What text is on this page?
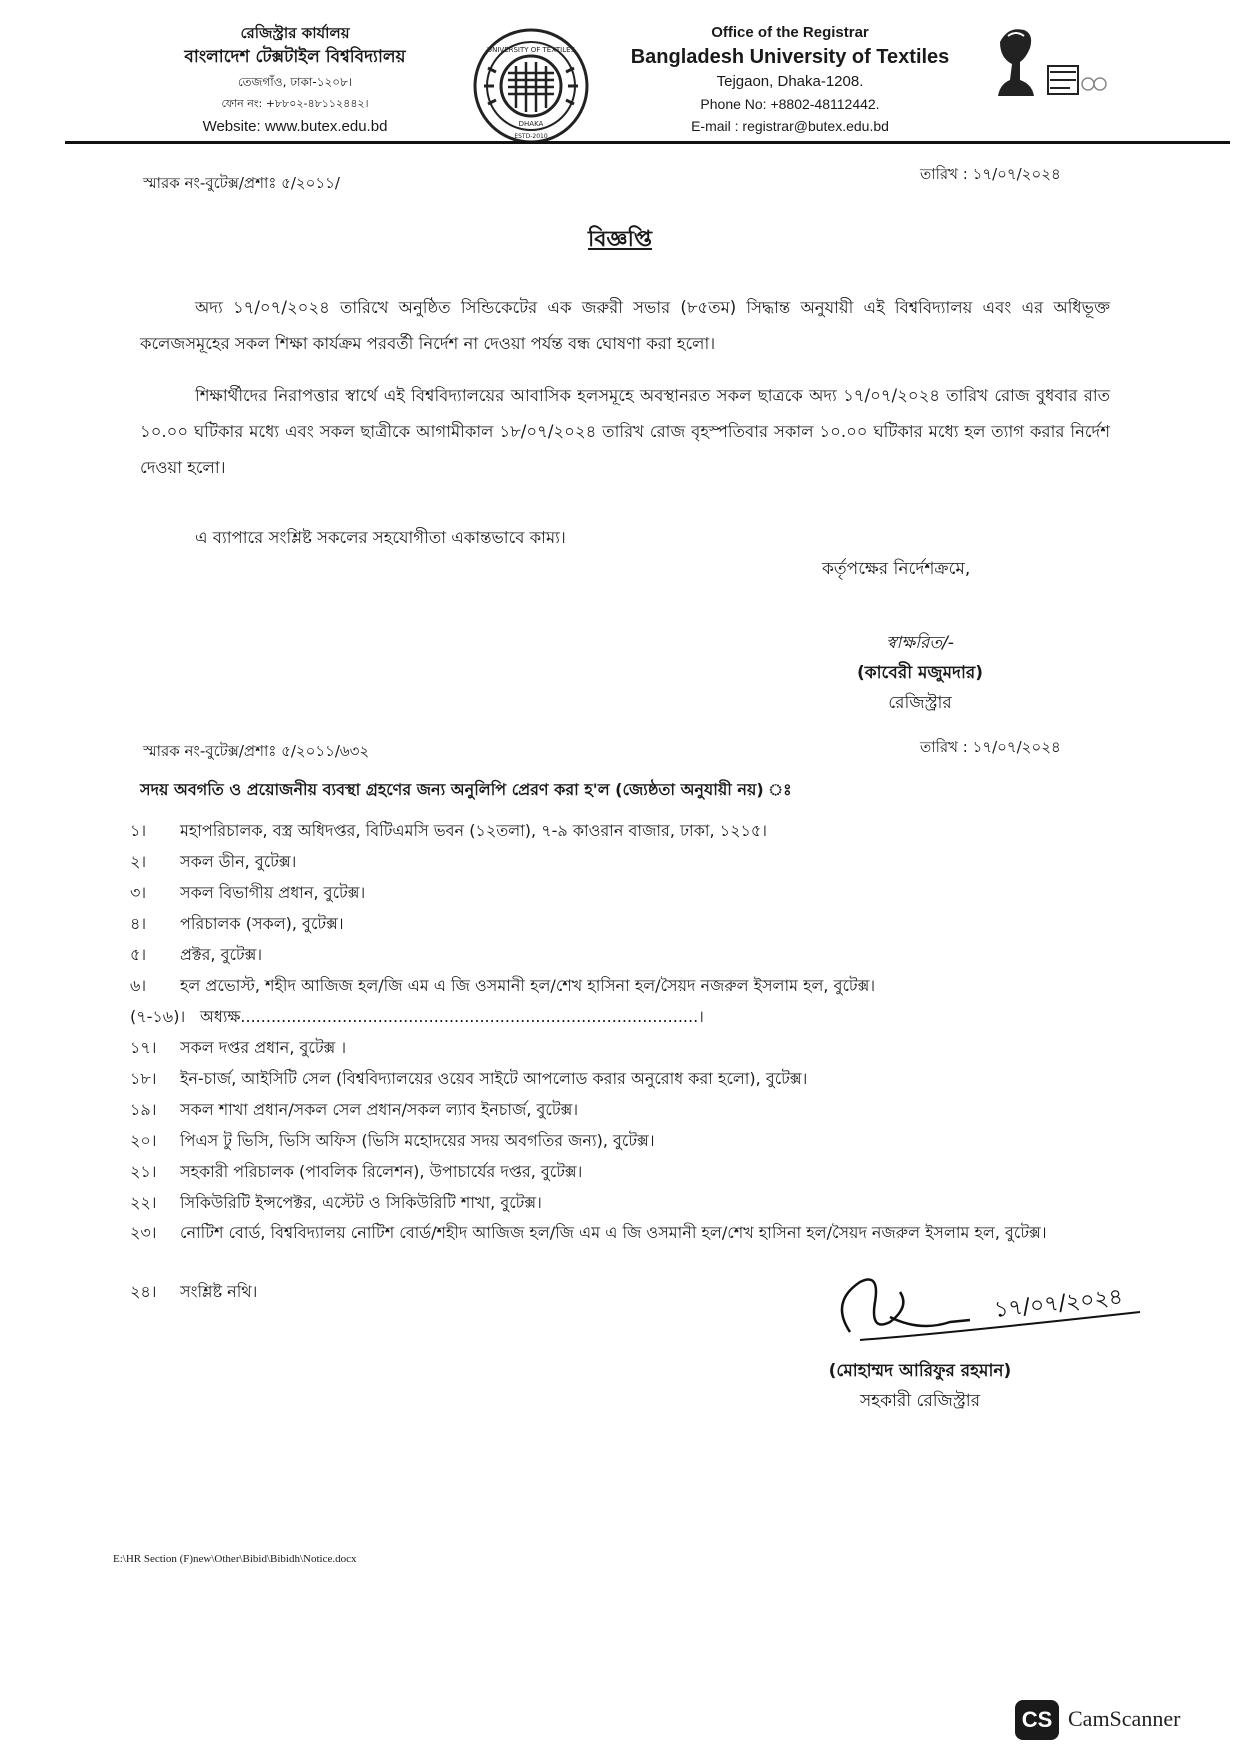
রেজিস্ট্রার কার্যালয়
বাংলাদেশ টেক্সটাইল বিশ্ববিদ্যালয়
তেজগাঁও, ঢাকা-১২০৮।
ফোন নং: +৮৮০২-৪৮১১২৪৪২।
Website: www.butex.edu.bd
UNIVERSITY OF TEXTILES
DHAKA
ESTD-2010
Office of the Registrar
Bangladesh University of Textiles
Tejgaon, Dhaka-1208.
Phone No: +8802-48112442.
E-mail : registrar@butex.edu.bd
স্মারক নং-বুটেক্স/প্রশাঃ ৫/২০১১/	তারিখ : ১৭/০৭/২০২৪
বিজ্ঞপ্তি
অদ্য ১৭/০৭/২০২৪ তারিখে অনুষ্ঠিত সিন্ডিকেটের এক জরুরী সভার (৮৫তম) সিদ্ধান্ত অনুযায়ী এই বিশ্ববিদ্যালয় এবং এর অধিভূক্ত কলেজসমূহের সকল শিক্ষা কার্যক্রম পরবর্তী নির্দেশ না দেওয়া পর্যন্ত বন্ধ ঘোষণা করা হলো।
শিক্ষার্থীদের নিরাপত্তার স্বার্থে এই বিশ্ববিদ্যালয়ের আবাসিক হলসমূহে অবস্থানরত সকল ছাত্রকে অদ্য ১৭/০৭/২০২৪ তারিখ রোজ বুধবার রাত ১০.০০ ঘটিকার মধ্যে এবং সকল ছাত্রীকে আগামীকাল ১৮/০৭/২০২৪ তারিখ রোজ বৃহস্পতিবার সকাল ১০.০০ ঘটিকার মধ্যে হল ত্যাগ করার নির্দেশ দেওয়া হলো।
এ ব্যাপারে সংশ্লিষ্ট সকলের সহযোগীতা একান্তভাবে কাম্য।
কর্তৃপক্ষের নির্দেশক্রমে,
স্বাক্ষরিত/-
(কাবেরী মজুমদার)
রেজিস্ট্রার
স্মারক নং-বুটেক্স/প্রশাঃ ৫/২০১১/৬৩২	তারিখ : ১৭/০৭/২০২৪
সদয় অবগতি ও প্রয়োজনীয় ব্যবস্থা গ্রহণের জন্য অনুলিপি প্রেরণ করা হ'ল (জ্যেষ্ঠতা অনুযায়ী নয়) ঃ
১।	মহাপরিচালক, বস্ত্র অধিদপ্তর, বিটিএমসি ভবন (১২তলা), ৭-৯ কাওরান বাজার, ঢাকা, ১২১৫।
২।	সকল ডীন, বুটেক্স।
৩।	সকল বিভাগীয় প্রধান, বুটেক্স।
৪।	পরিচালক (সকল), বুটেক্স।
৫।	প্রক্টর, বুটেক্স।
৬।	হল প্রভোস্ট, শহীদ আজিজ হল/জি এম এ জি ওসমানী হল/শেখ হাসিনা হল/সৈয়দ নজরুল ইসলাম হল, বুটেক্স।
(৭-১৬)। অধ্যক্ষ..........................................................................................।
১৭।	সকল দপ্তর প্রধান, বুটেক্স ।
১৮।	ইন-চার্জ, আইসিটি সেল (বিশ্ববিদ্যালয়ের ওয়েব সাইটে আপলোড করার অনুরোধ করা হলো), বুটেক্স।
১৯।	সকল শাখা প্রধান/সকল সেল প্রধান/সকল ল্যাব ইনচার্জ, বুটেক্স।
২০।	পিএস টু ভিসি, ভিসি অফিস (ভিসি মহোদয়ের সদয় অবগতির জন্য), বুটেক্স।
২১।	সহকারী পরিচালক (পাবলিক রিলেশন), উপাচার্যের দপ্তর, বুটেক্স।
২২।	সিকিউরিটি ইন্সপেক্টর, এস্টেট ও সিকিউরিটি শাখা, বুটেক্স।
২৩।	নোটিশ বোর্ড, বিশ্ববিদ্যালয় নোটিশ বোর্ড/শহীদ আজিজ হল/জি এম এ জি ওসমানী হল/শেখ হাসিনা হল/সৈয়দ নজরুল ইসলাম হল, বুটেক্স।
২৪।	সংশ্লিষ্ট নথি।	১৭/০৭/২০২৪
(মোহাম্মদ আরিফুর রহমান)
সহকারী রেজিস্ট্রার
E:\HR Section (F)new\Other\Bibid\Bibidh\Notice.docx
CS CamScanner
